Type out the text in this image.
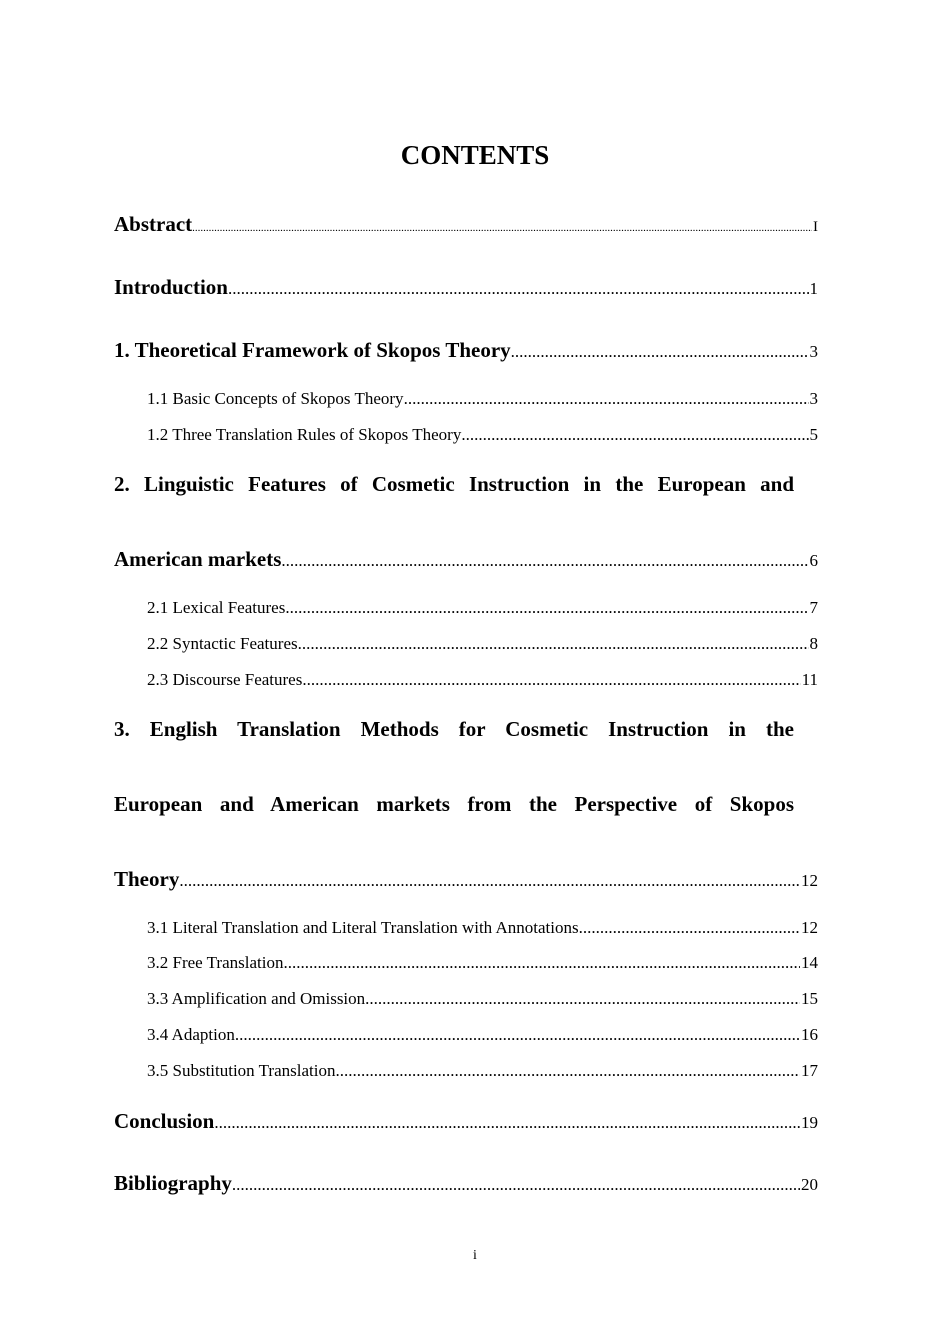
CONTENTS
Abstract .....	I
Introduction .....	1
1. Theoretical Framework of Skopos Theory .....	3
1.1 Basic Concepts of Skopos Theory .....	3
1.2 Three Translation Rules of Skopos Theory .....	5
2. Linguistic Features of Cosmetic Instruction in the European and
American markets .....	6
2.1 Lexical Features .....	7
2.2 Syntactic Features .....	8
2.3 Discourse Features .....	11
3. English Translation Methods for Cosmetic Instruction in the
European and American markets from the Perspective of Skopos
Theory .....	12
3.1 Literal Translation and Literal Translation with Annotations .....	12
3.2 Free Translation .....	14
3.3 Amplification and Omission .....	15
3.4 Adaption .....	16
3.5 Substitution Translation .....	17
Conclusion .....	19
Bibliography .....	20
i
